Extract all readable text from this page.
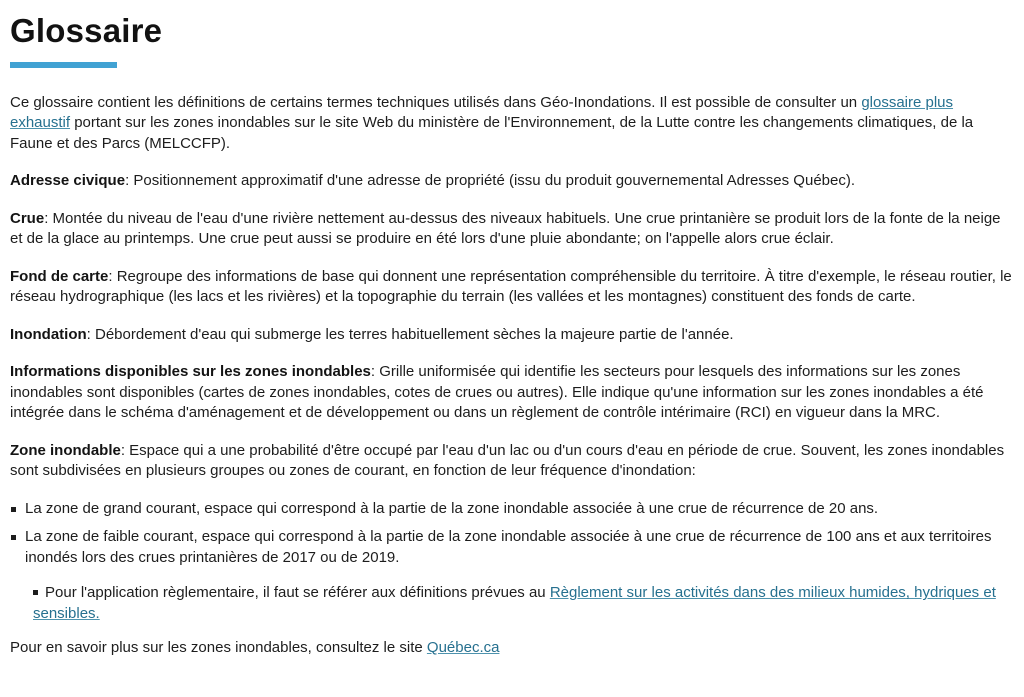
Glossaire

Ce glossaire contient les définitions de certains termes techniques utilisés dans Géo-Inondations. Il est possible de consulter un glossaire plus exhaustif portant sur les zones inondables sur le site Web du ministère de l'Environnement, de la Lutte contre les changements climatiques, de la Faune et des Parcs (MELCCFP).

Adresse civique: Positionnement approximatif d'une adresse de propriété (issu du produit gouvernemental Adresses Québec).

Crue: Montée du niveau de l'eau d'une rivière nettement au-dessus des niveaux habituels. Une crue printanière se produit lors de la fonte de la neige et de la glace au printemps. Une crue peut aussi se produire en été lors d'une pluie abondante; on l'appelle alors crue éclair.

Fond de carte: Regroupe des informations de base qui donnent une représentation compréhensible du territoire. À titre d'exemple, le réseau routier, le réseau hydrographique (les lacs et les rivières) et la topographie du terrain (les vallées et les montagnes) constituent des fonds de carte.

Inondation: Débordement d'eau qui submerge les terres habituellement sèches la majeure partie de l'année.

Informations disponibles sur les zones inondables: Grille uniformisée qui identifie les secteurs pour lesquels des informations sur les zones inondables sont disponibles (cartes de zones inondables, cotes de crues ou autres). Elle indique qu'une information sur les zones inondables a été intégrée dans le schéma d'aménagement et de développement ou dans un règlement de contrôle intérimaire (RCI) en vigueur dans la MRC.

Zone inondable: Espace qui a une probabilité d'être occupé par l'eau d'un lac ou d'un cours d'eau en période de crue. Souvent, les zones inondables sont subdivisées en plusieurs groupes ou zones de courant, en fonction de leur fréquence d'inondation:

La zone de grand courant, espace qui correspond à la partie de la zone inondable associée à une crue de récurrence de 20 ans.
La zone de faible courant, espace qui correspond à la partie de la zone inondable associée à une crue de récurrence de 100 ans et aux territoires inondés lors des crues printanières de 2017 ou de 2019.
Pour l'application règlementaire, il faut se référer aux définitions prévues au Règlement sur les activités dans des milieux humides, hydriques et sensibles.

Pour en savoir plus sur les zones inondables, consultez le site Québec.ca
